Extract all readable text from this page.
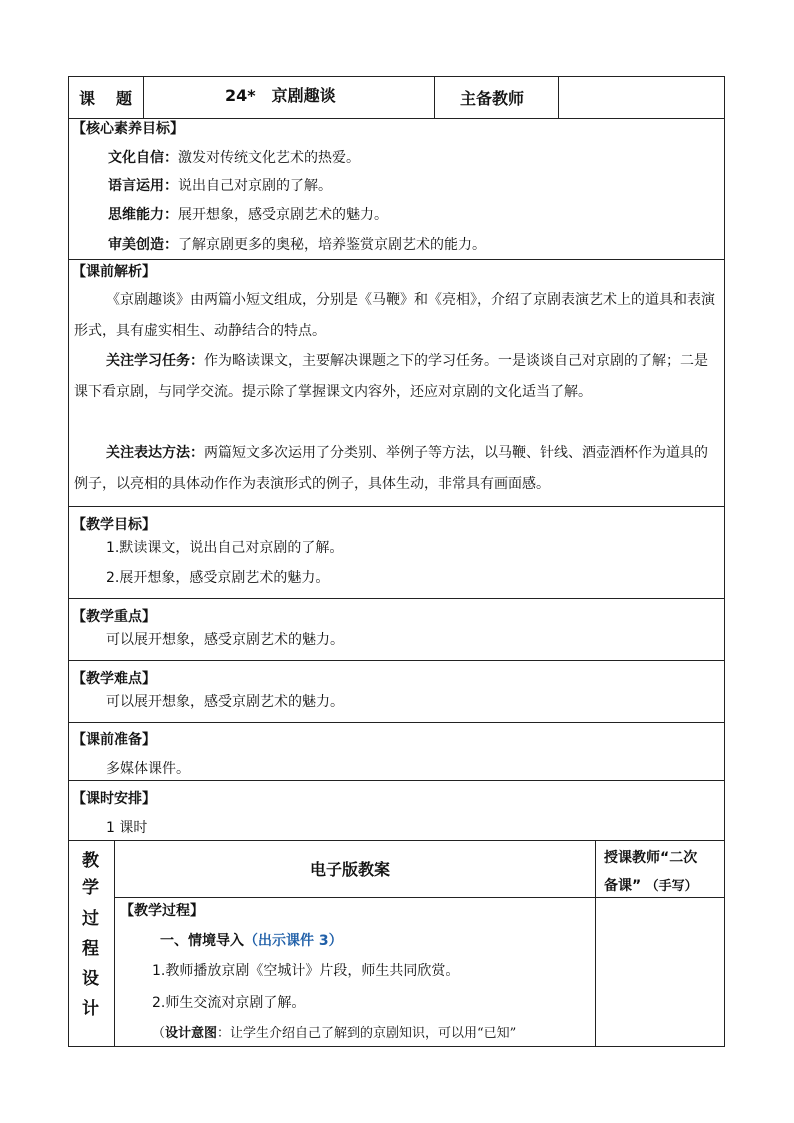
课 题	24*　京剧趣谈	主备教师
【核心素养目标】
文化自信：激发对传统文化艺术的热爱。
语言运用：说出自己对京剧的了解。
思维能力：展开想象，感受京剧艺术的魅力。
审美创造：了解京剧更多的奥秘，培养鉴赏京剧艺术的能力。
【课前解析】
《京剧趣谈》由两篇小短文组成，分别是《马鞭》和《亮相》，介绍了京剧表演艺术上的道具和表演形式，具有虚实相生、动静结合的特点。
关注学习任务：作为略读课文，主要解决课题之下的学习任务。一是谈谈自己对京剧的了解；二是课下看京剧，与同学交流。提示除了掌握课文内容外，还应对京剧的文化适当了解。
关注表达方法：两篇短文多次运用了分类别、举例子等方法，以马鞭、针线、酒壶酒杯作为道具的例子，以亮相的具体动作作为表演形式的例子，具体生动，非常具有画面感。
【教学目标】
1.默读课文，说出自己对京剧的了解。
2.展开想象，感受京剧艺术的魅力。
【教学重点】
可以展开想象，感受京剧艺术的魅力。
【教学难点】
可以展开想象，感受京剧艺术的魅力。
【课前准备】
多媒体课件。
【课时安排】
1 课时
教
学
过
程
设
计
电子版教案
授课教师“二次
备课” （手写）
【教学过程】
一、情境导入（出示课件 3）
1.教师播放京剧《空城计》片段，师生共同欣赏。
2.师生交流对京剧了解。
（设计意图：让学生介绍自己了解到的京剧知识，可以用“已知”
